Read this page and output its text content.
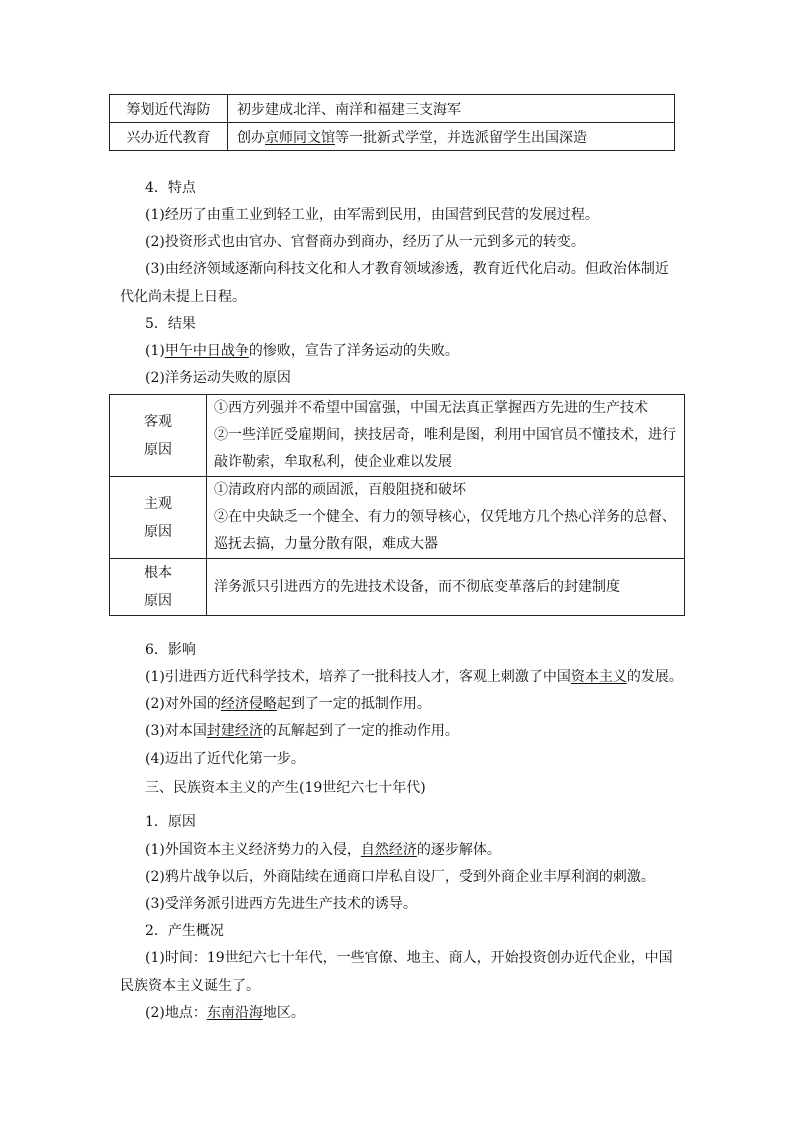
筹划近代海防	初步建成北洋、南洋和福建三支海军
兴办近代教育	创办京师同文馆等一批新式学堂，并选派留学生出国深造
4．特点
(1)经历了由重工业到轻工业，由军需到民用，由国营到民营的发展过程。
(2)投资形式也由官办、官督商办到商办，经历了从一元到多元的转变。
(3)由经济领域逐渐向科技文化和人才教育领域渗透，教育近代化启动。但政治体制近
代化尚未提上日程。
5．结果
(1)甲午中日战争的惨败，宣告了洋务运动的失败。
(2)洋务运动失败的原因
客观
原因	①西方列强并不希望中国富强，中国无法真正掌握西方先进的生产技术
②一些洋匠受雇期间，挟技居奇，唯利是图，利用中国官员不懂技术，进行
敲诈勒索，牟取私利，使企业难以发展
主观
原因	①清政府内部的顽固派，百般阻挠和破坏
②在中央缺乏一个健全、有力的领导核心，仅凭地方几个热心洋务的总督、
巡抚去搞，力量分散有限，难成大器
根本
原因	洋务派只引进西方的先进技术设备，而不彻底变革落后的封建制度
6．影响
(1)引进西方近代科学技术，培养了一批科技人才，客观上刺激了中国资本主义的发展。
(2)对外国的经济侵略起到了一定的抵制作用。
(3)对本国封建经济的瓦解起到了一定的推动作用。
(4)迈出了近代化第一步。
三、民族资本主义的产生(19世纪六七十年代)
1．原因
(1)外国资本主义经济势力的入侵，自然经济的逐步解体。
(2)鸦片战争以后，外商陆续在通商口岸私自设厂，受到外商企业丰厚利润的刺激。
(3)受洋务派引进西方先进生产技术的诱导。
2．产生概况
(1)时间：19世纪六七十年代，一些官僚、地主、商人，开始投资创办近代企业，中国
民族资本主义诞生了。
(2)地点：东南沿海地区。
